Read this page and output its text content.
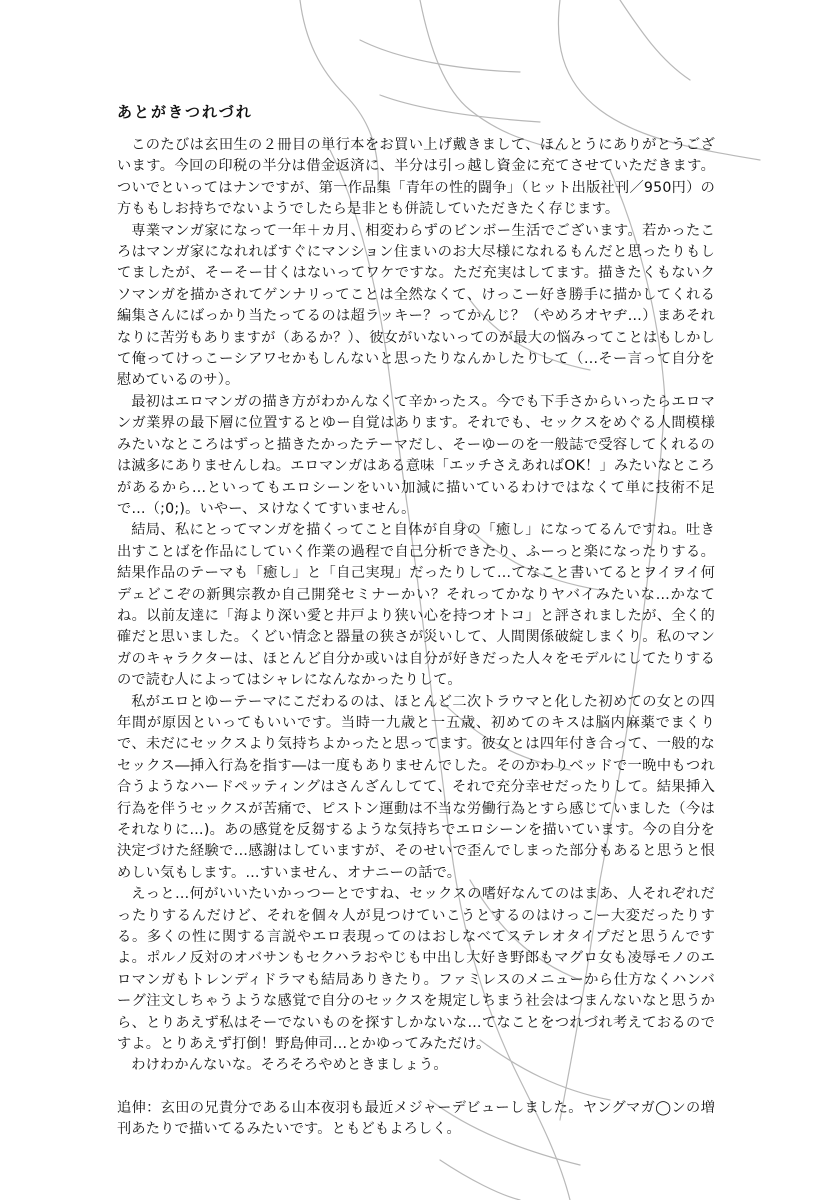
あとがきつれづれ

このたびは玄田生の２冊目の単行本をお買い上げ戴きまして、ほんとうにありがとうございます。今回の印税の半分は借金返済に、半分は引っ越し資金に充てさせていただきます。ついでといってはナンですが、第一作品集「青年の性的闘争」（ヒット出版社刊／950円）の方ももしお持ちでないようでしたら是非とも併読していただきたく存じます。

専業マンガ家になって一年＋カ月、相変わらずのビンボー生活でございます。若かったころはマンガ家になれればすぐにマンション住まいのお大尽様になれるもんだと思ったりもしてましたが、そーそー甘くはないってワケですな。ただ充実はしてます。描きたくもないクソマンガを描かされてゲンナリってことは全然なくて、けっこー好き勝手に描かしてくれる編集さんにばっかり当たってるのは超ラッキー？ってかんじ？（やめろオヤヂ…）まあそれなりに苦労もありますが（あるか？）、彼女がいないってのが最大の悩みってことはもしかして俺ってけっこーシアワセかもしんないと思ったりなんかしたりして（…そー言って自分を慰めているのサ）。

最初はエロマンガの描き方がわかんなくて辛かったス。今でも下手さからいったらエロマンガ業界の最下層に位置するとゆー自覚はあります。それでも、セックスをめぐる人間模様みたいなところはずっと描きたかったテーマだし、そーゆーのを一般誌で受容してくれるのは滅多にありませんしね。エロマンガはある意味「エッチさえあればOK！」みたいなところがあるから…といってもエロシーンをいい加減に描いているわけではなくて単に技術不足で…（;0;)。いやー、ヌけなくてすいません。

結局、私にとってマンガを描くってこと自体が自身の「癒し」になってるんですね。吐き出すことばを作品にしていく作業の過程で自己分析できたり、ふーっと楽になったりする。結果作品のテーマも「癒し」と「自己実現」だったりして…てなこと書いてるとヲイヲイ何デェどこぞの新興宗教か自己開発セミナーかい？それってかなりヤバイみたいな…かなてね。以前友達に「海より深い愛と井戸より狭い心を持つオトコ」と評されましたが、全く的確だと思いました。くどい情念と器量の狭さが災いして、人間関係破綻しまくり。私のマンガのキャラクターは、ほとんど自分か或いは自分が好きだった人々をモデルにしてたりするので読む人によってはシャレになんなかったりして。

私がエロとゆーテーマにこだわるのは、ほとんど二次トラウマと化した初めての女との四年間が原因といってもいいです。当時一九歳と一五歳、初めてのキスは脳内麻薬でまくりで、未だにセックスより気持ちよかったと思ってます。彼女とは四年付き合って、一般的なセックス―挿入行為を指す―は一度もありませんでした。そのかわりベッドで一晩中もつれ合うようなハードペッティングはさんざんしてて、それで充分幸せだったりして。結果挿入行為を伴うセックスが苦痛で、ピストン運動は不当な労働行為とすら感じていました（今はそれなりに…)。あの感覚を反芻するような気持ちでエロシーンを描いています。今の自分を決定づけた経験で…感謝はしていますが、そのせいで歪んでしまった部分もあると思うと恨めしい気もします。…すいません、オナニーの話で。

えっと…何がいいたいかっつーとですね、セックスの嗜好なんてのはまあ、人それぞれだったりするんだけど、それを個々人が見つけていこうとするのはけっこー大変だったりする。多くの性に関する言説やエロ表現ってのはおしなべてステレオタイプだと思うんですよ。ポルノ反対のオバサンもセクハラおやじも中出し大好き野郎もマグロ女も凌辱モノのエロマンガもトレンディドラマも結局ありきたり。ファミレスのメニューから仕方なくハンバーグ注文しちゃうような感覚で自分のセックスを規定しちまう社会はつまんないなと思うから、とりあえず私はそーでないものを探すしかないな…てなことをつれづれ考えておるのですよ。とりあえず打倒！野島伸司…とかゆってみただけ。

わけわかんないな。そろそろやめときましょう。

追伸：玄田の兄貴分である山本夜羽も最近メジャーデビューしました。ヤングマガ◯ンの増刊あたりで描いてるみたいです。ともどもよろしく。
